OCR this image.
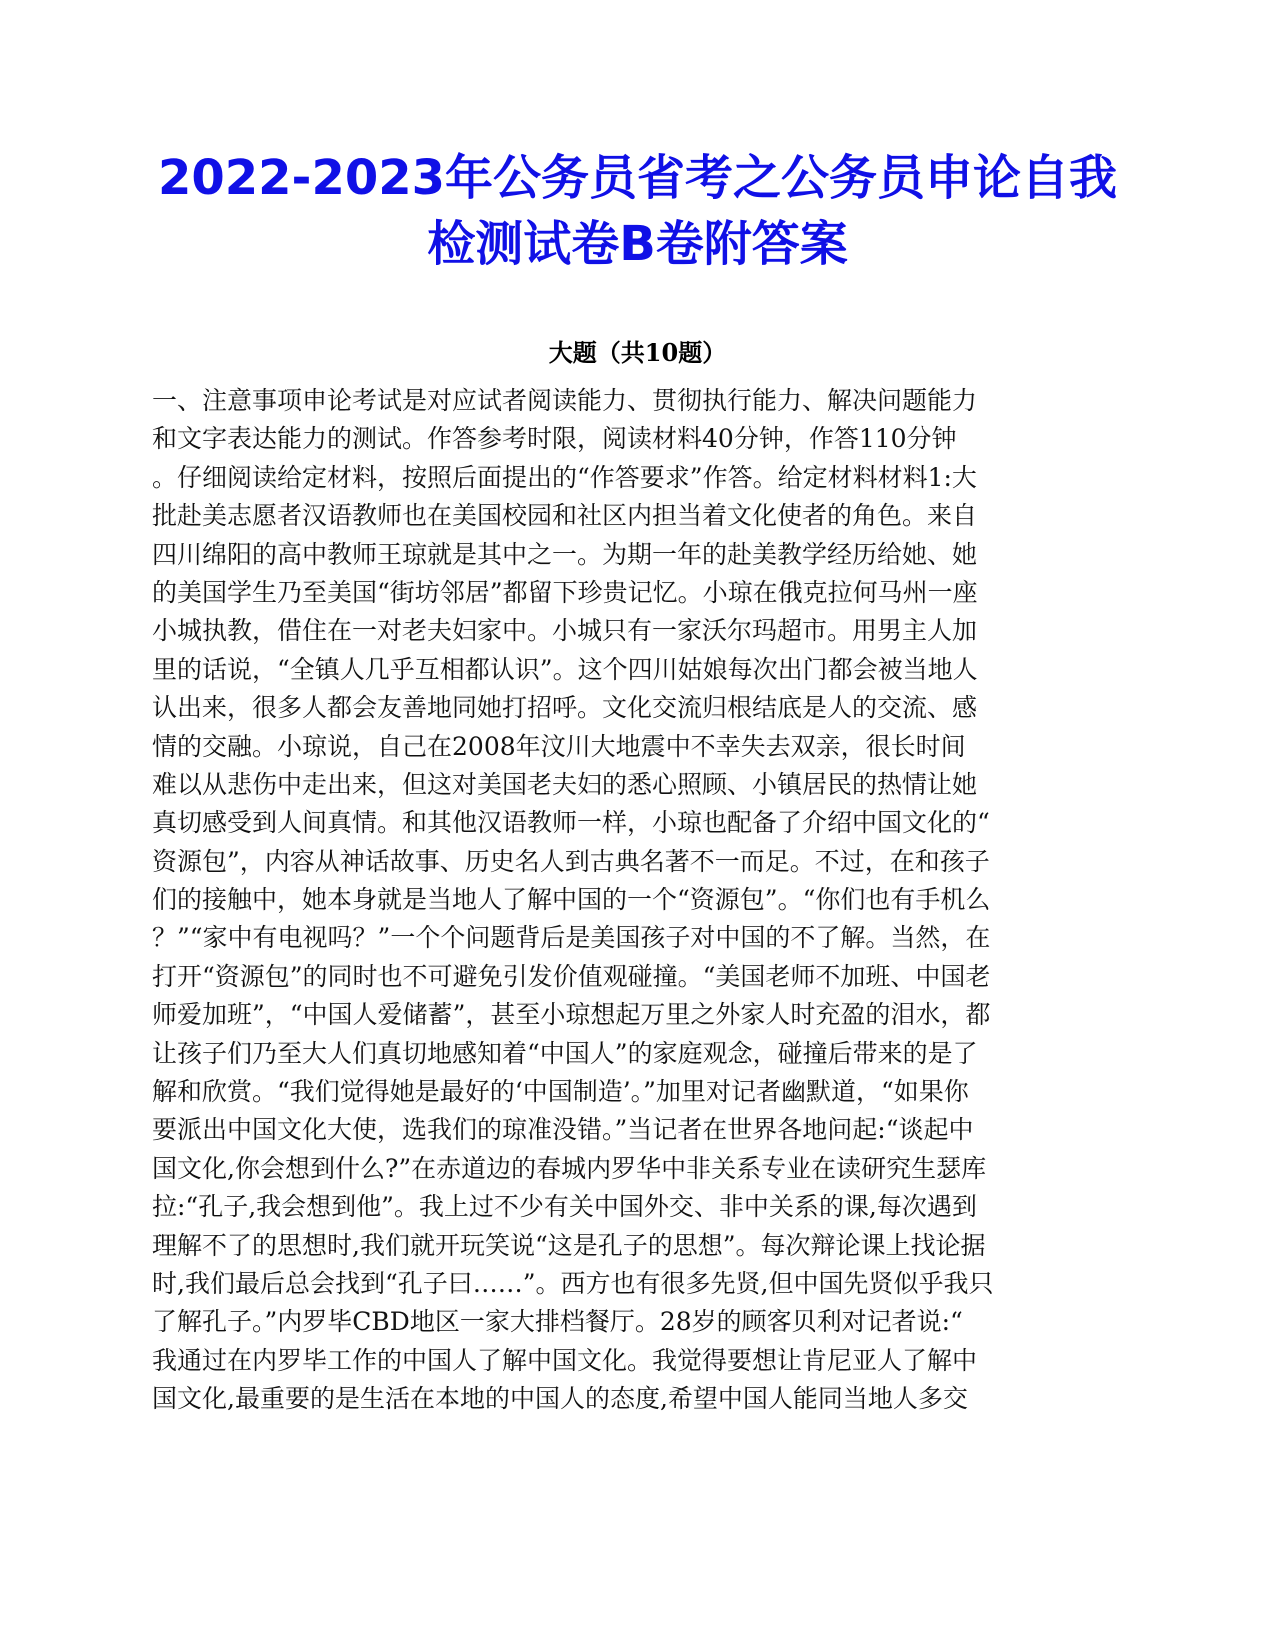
2022-2023年公务员省考之公务员申论自我
检测试卷B卷附答案
大题（共10题）
一、注意事项申论考试是对应试者阅读能力、贯彻执行能力、解决问题能力
和文字表达能力的测试。作答参考时限，阅读材料40分钟，作答110分钟
。仔细阅读给定材料，按照后面提出的“作答要求”作答。给定材料材料1:大
批赴美志愿者汉语教师也在美国校园和社区内担当着文化使者的角色。来自
四川绵阳的高中教师王琼就是其中之一。为期一年的赴美教学经历给她、她
的美国学生乃至美国“街坊邻居”都留下珍贵记忆。小琼在俄克拉何马州一座
小城执教，借住在一对老夫妇家中。小城只有一家沃尔玛超市。用男主人加
里的话说，“全镇人几乎互相都认识”。这个四川姑娘每次出门都会被当地人
认出来，很多人都会友善地同她打招呼。文化交流归根结底是人的交流、感
情的交融。小琼说，自己在2008年汶川大地震中不幸失去双亲，很长时间
难以从悲伤中走出来，但这对美国老夫妇的悉心照顾、小镇居民的热情让她
真切感受到人间真情。和其他汉语教师一样，小琼也配备了介绍中国文化的“
资源包”，内容从神话故事、历史名人到古典名著不一而足。不过，在和孩子
们的接触中，她本身就是当地人了解中国的一个“资源包”。“你们也有手机么
？”“家中有电视吗？”一个个问题背后是美国孩子对中国的不了解。当然，在
打开“资源包”的同时也不可避免引发价值观碰撞。“美国老师不加班、中国老
师爱加班”，“中国人爱储蓄”，甚至小琼想起万里之外家人时充盈的泪水，都
让孩子们乃至大人们真切地感知着“中国人”的家庭观念，碰撞后带来的是了
解和欣赏。“我们觉得她是最好的‘中国制造’。”加里对记者幽默道，“如果你
要派出中国文化大使，选我们的琼准没错。”当记者在世界各地问起:“谈起中
国文化,你会想到什么?”在赤道边的春城内罗华中非关系专业在读研究生瑟库
拉:“孔子,我会想到他”。我上过不少有关中国外交、非中关系的课,每次遇到
理解不了的思想时,我们就开玩笑说“这是孔子的思想”。每次辩论课上找论据
时,我们最后总会找到“孔子曰……”。西方也有很多先贤,但中国先贤似乎我只
了解孔子。”内罗毕CBD地区一家大排档餐厅。28岁的顾客贝利对记者说:“
我通过在内罗毕工作的中国人了解中国文化。我觉得要想让肯尼亚人了解中
国文化,最重要的是生活在本地的中国人的态度,希望中国人能同当地人多交
